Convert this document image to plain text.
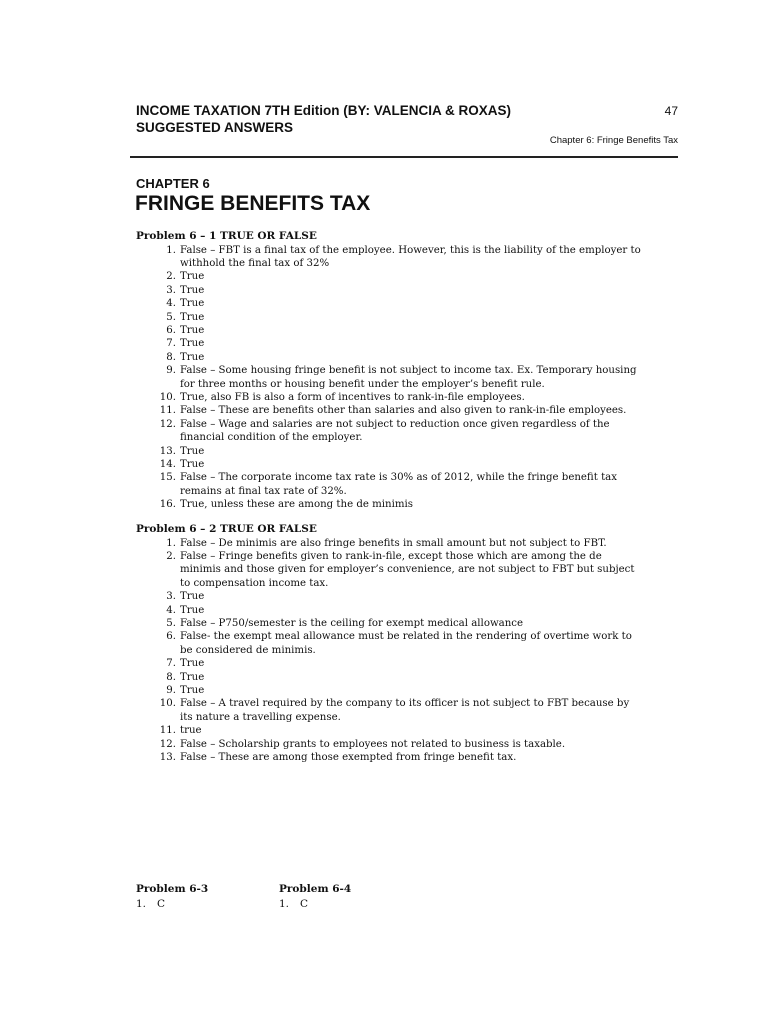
INCOME TAXATION 7TH Edition (BY: VALENCIA & ROXAS)
SUGGESTED ANSWERS
47
Chapter 6: Fringe Benefits Tax
CHAPTER 6
FRINGE BENEFITS TAX
Problem 6 – 1 TRUE OR FALSE
1. False – FBT is a final tax of the employee. However, this is the liability of the employer to
withhold the final tax of 32%
2. True
3. True
4. True
5. True
6. True
7. True
8. True
9. False – Some housing fringe benefit is not subject to income tax. Ex. Temporary housing
for three months or housing benefit under the employer’s benefit rule.
10. True, also FB is also a form of incentives to rank-in-file employees.
11. False – These are benefits other than salaries and also given to rank-in-file employees.
12. False – Wage and salaries are not subject to reduction once given regardless of the
financial condition of the employer.
13. True
14. True
15. False – The corporate income tax rate is 30% as of 2012, while the fringe benefit tax
remains at final tax rate of 32%.
16. True, unless these are among the de minimis
Problem 6 – 2 TRUE OR FALSE
1. False – De minimis are also fringe benefits in small amount but not subject to FBT.
2. False – Fringe benefits given to rank-in-file, except those which are among the de
minimis and those given for employer’s convenience, are not subject to FBT but subject
to compensation income tax.
3. True
4. True
5. False – P750/semester is the ceiling for exempt medical allowance
6. False- the exempt meal allowance must be related in the rendering of overtime work to
be considered de minimis.
7. True
8. True
9. True
10. False – A travel required by the company to its officer is not subject to FBT because by
its nature a travelling expense.
11. true
12. False – Scholarship grants to employees not related to business is taxable.
13. False – These are among those exempted from fringe benefit tax.
Problem 6-3
1. C
Problem 6-4
1. C
